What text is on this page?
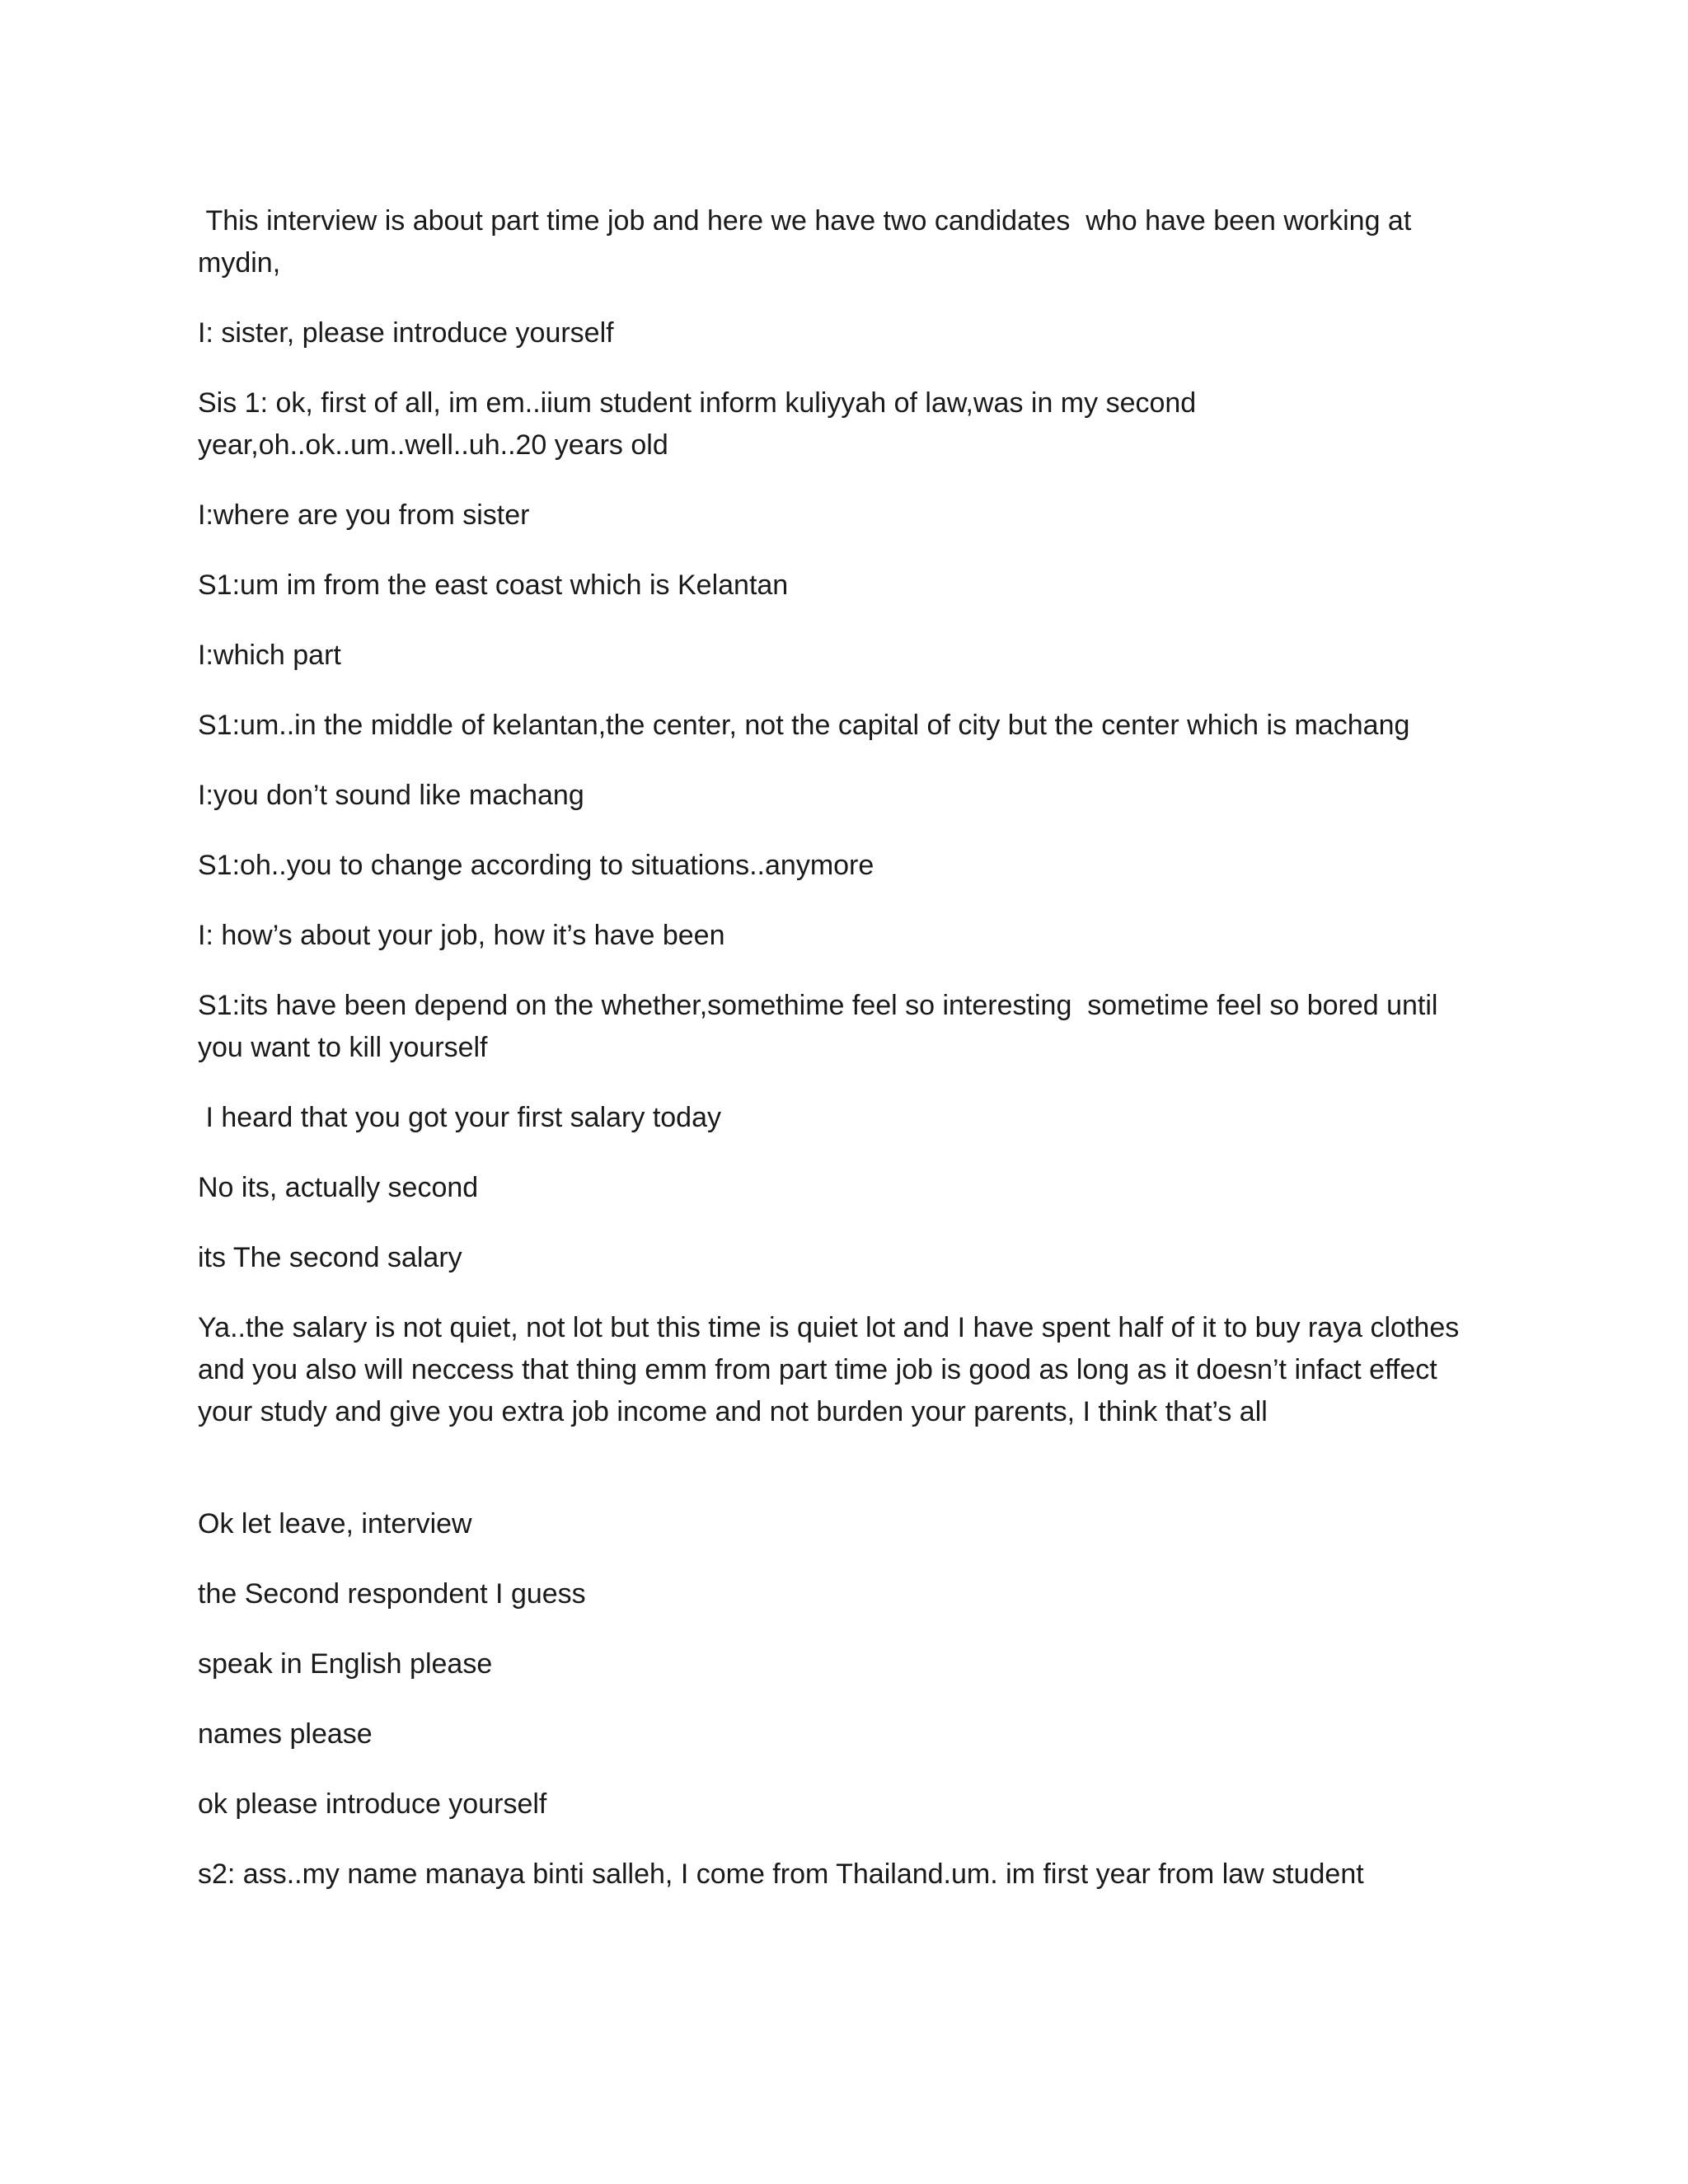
This interview is about part time job and here we have two candidates  who have been working at mydin,

I: sister, please introduce yourself

Sis 1: ok, first of all, im em..iium student inform kuliyyah of law,was in my second year,oh..ok..um..well..uh..20 years old

I:where are you from sister

S1:um im from the east coast which is Kelantan

I:which part

S1:um..in the middle of kelantan,the center, not the capital of city but the center which is machang

I:you don’t sound like machang

S1:oh..you to change according to situations..anymore

I: how’s about your job, how it’s have been

S1:its have been depend on the whether,somethime feel so interesting  sometime feel so bored until you want to kill yourself

I heard that you got your first salary today

No its, actually second

its The second salary

Ya..the salary is not quiet, not lot but this time is quiet lot and I have spent half of it to buy raya clothes and you also will neccess that thing emm from part time job is good as long as it doesn’t infact effect your study and give you extra job income and not burden your parents, I think that’s all

Ok let leave, interview

the Second respondent I guess

speak in English please

names please

ok please introduce yourself

s2: ass..my name manaya binti salleh, I come from Thailand.um. im first year from law student
